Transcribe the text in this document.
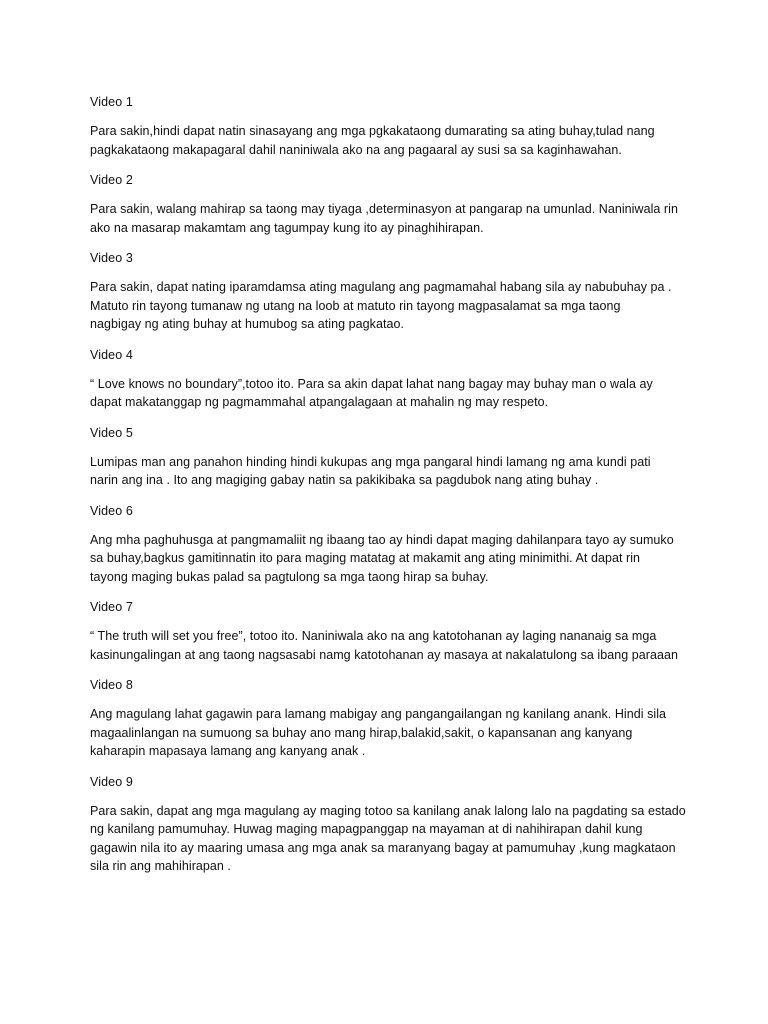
Video 1
Para sakin,hindi dapat natin sinasayang ang mga pgkakataong dumarating sa ating buhay,tulad nang
pagkakataong makapagaral dahil naniniwala ako na ang pagaaral ay susi sa sa kaginhawahan.
Video 2
Para sakin, walang mahirap sa taong may tiyaga ,determinasyon at pangarap na umunlad. Naniniwala rin
ako na masarap makamtam ang tagumpay kung ito ay pinaghihirapan.
Video 3
Para sakin, dapat nating iparamdamsa ating magulang ang pagmamahal habang sila ay nabubuhay pa .
Matuto rin tayong tumanaw ng utang na loob at matuto rin tayong magpasalamat sa mga taong
nagbigay ng ating buhay at humubog sa ating pagkatao.
Video 4
“ Love knows no boundary”,totoo ito. Para sa akin dapat lahat nang bagay may buhay man o wala ay
dapat makatanggap ng pagmammahal atpangalagaan at mahalin ng may respeto.
Video 5
Lumipas man ang panahon hinding hindi kukupas ang mga pangaral hindi lamang ng ama kundi pati
narin ang ina . Ito ang magiging gabay natin sa pakikibaka sa pagdubok nang ating buhay .
Video 6
Ang mha paghuhusga at pangmamaliit ng ibaang tao ay hindi dapat maging dahilanpara tayo ay sumuko
sa buhay,bagkus gamitinnatin ito para maging matatag at makamit ang ating minimithi. At dapat rin
tayong maging bukas palad sa pagtulong sa mga taong hirap sa buhay.
Video 7
“ The truth will set you free”, totoo ito. Naniniwala ako na ang katotohanan ay laging nananaig sa mga
kasinungalingan at ang taong nagsasabi namg katotohanan ay masaya at nakalatulong sa ibang paraaan
Video 8
Ang magulang lahat gagawin para lamang mabigay ang pangangailangan ng kanilang anank. Hindi sila
magaalinlangan na sumuong sa buhay ano mang hirap,balakid,sakit, o kapansanan ang kanyang
kaharapin mapasaya lamang ang kanyang anak .
Video 9
Para sakin, dapat ang mga magulang ay maging totoo sa kanilang anak lalong lalo na pagdating sa estado
ng kanilang pamumuhay. Huwag maging mapagpanggap na mayaman at di nahihirapan dahil kung
gagawin nila ito ay maaring umasa ang mga anak sa maranyang bagay at pamumuhay ,kung magkataon
sila rin ang mahihirapan .
